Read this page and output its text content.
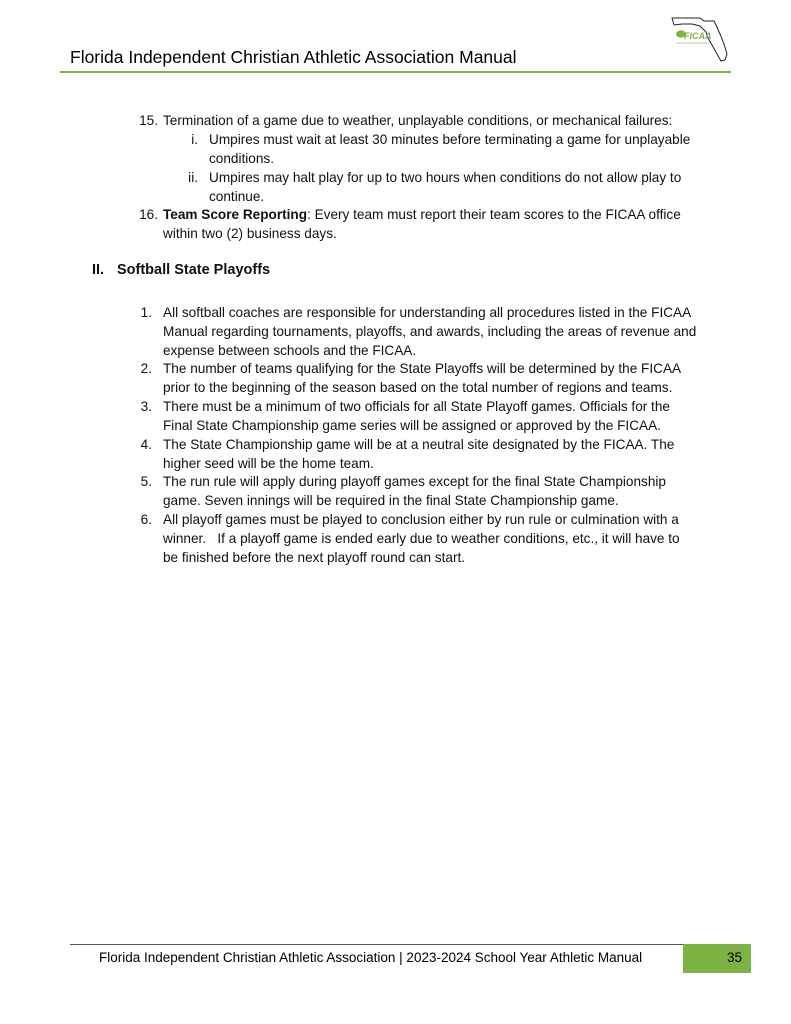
Florida Independent Christian Athletic Association Manual
FICAA
15. Termination of a game due to weather, unplayable conditions, or mechanical failures:
i. Umpires must wait at least 30 minutes before terminating a game for unplayable
conditions.
ii. Umpires may halt play for up to two hours when conditions do not allow play to
continue.
16. Team Score Reporting: Every team must report their team scores to the FICAA office
within two (2) business days.
II. Softball State Playoffs
1. All softball coaches are responsible for understanding all procedures listed in the FICAA
Manual regarding tournaments, playoffs, and awards, including the areas of revenue and
expense between schools and the FICAA.
2. The number of teams qualifying for the State Playoffs will be determined by the FICAA
prior to the beginning of the season based on the total number of regions and teams.
3. There must be a minimum of two officials for all State Playoff games. Officials for the
Final State Championship game series will be assigned or approved by the FICAA.
4. The State Championship game will be at a neutral site designated by the FICAA. The
higher seed will be the home team.
5. The run rule will apply during playoff games except for the final State Championship
game. Seven innings will be required in the final State Championship game.
6. All playoff games must be played to conclusion either by run rule or culmination with a
winner.   If a playoff game is ended early due to weather conditions, etc., it will have to
be finished before the next playoff round can start.
Florida Independent Christian Athletic Association | 2023-2024 School Year Athletic Manual	35
